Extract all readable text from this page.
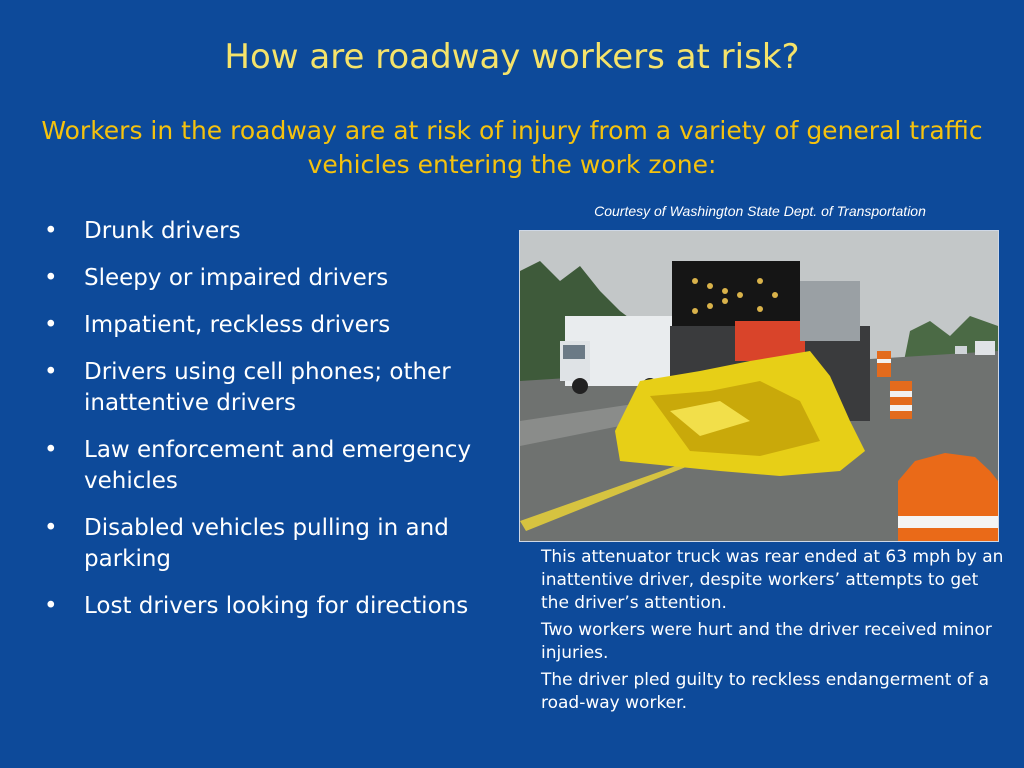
How are roadway workers at risk?

Workers in the roadway are at risk of injury from a variety of general traffic vehicles entering the work zone:

• Drunk drivers
• Sleepy or impaired drivers
• Impatient, reckless drivers
• Drivers using cell phones; other inattentive drivers
• Law enforcement and emergency vehicles
• Disabled vehicles pulling in and parking
• Lost drivers looking for directions
Courtesy of Washington State Dept. of Transportation

This attenuator truck was rear ended at 63 mph by an inattentive driver, despite workers’ attempts to get the driver’s attention.

Two workers were hurt and the driver received minor injuries.

The driver pled guilty to reckless endangerment of a road-way worker.
